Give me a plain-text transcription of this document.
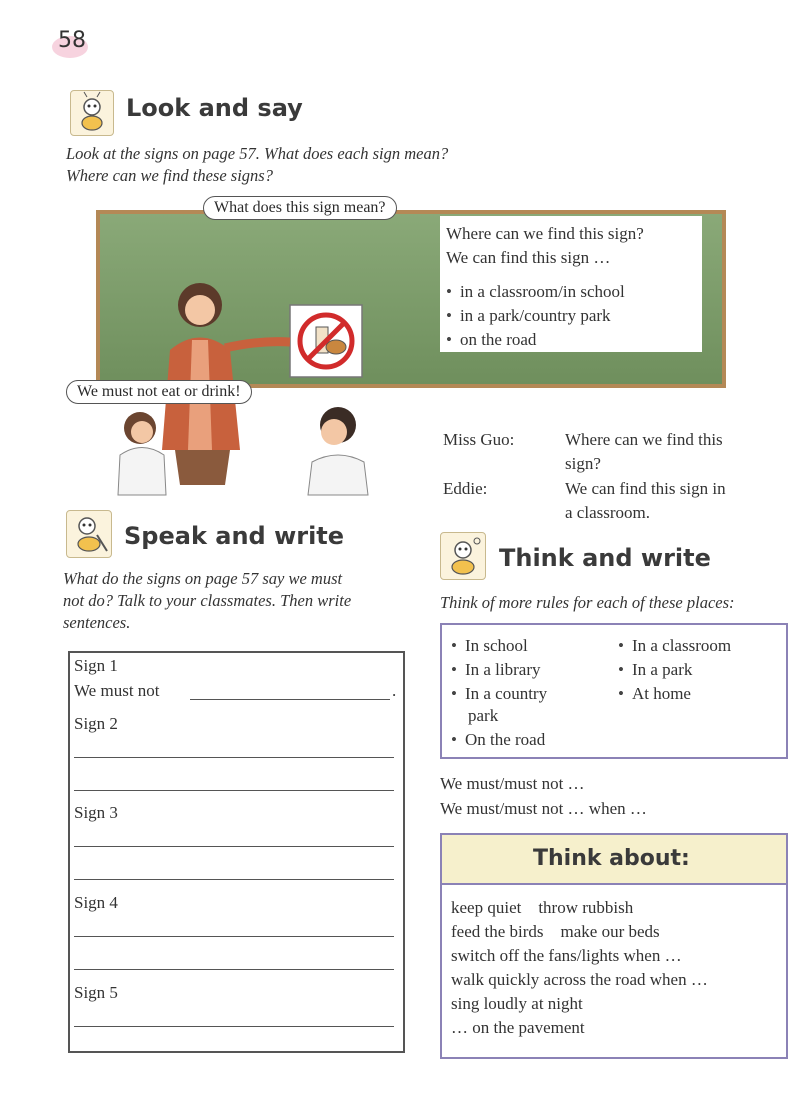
58
Look and say
Look at the signs on page 57. What does each sign mean?
Where can we find these signs?
What does this sign mean?
We must not eat or drink!
Where can we find this sign?
We can find this sign …
• in a classroom/in school
• in a park/country park
• on the road
Miss Guo:	Where can we find this
sign?
Eddie:	We can find this sign in
a classroom.
Speak and write
What do the signs on page 57 say we must
not do? Talk to your classmates. Then write
sentences.
Sign 1
We must not	.
Sign 2
Sign 3
Sign 4
Sign 5
Think and write
Think of more rules for each of these places:
• In school
• In a library
• In a country
park
• On the road
• In a classroom
• In a park
• At home
We must/must not …
We must/must not … when …
Think about:
keep quiet    throw rubbish
feed the birds    make our beds
switch off the fans/lights when …
walk quickly across the road when …
sing loudly at night
… on the pavement
